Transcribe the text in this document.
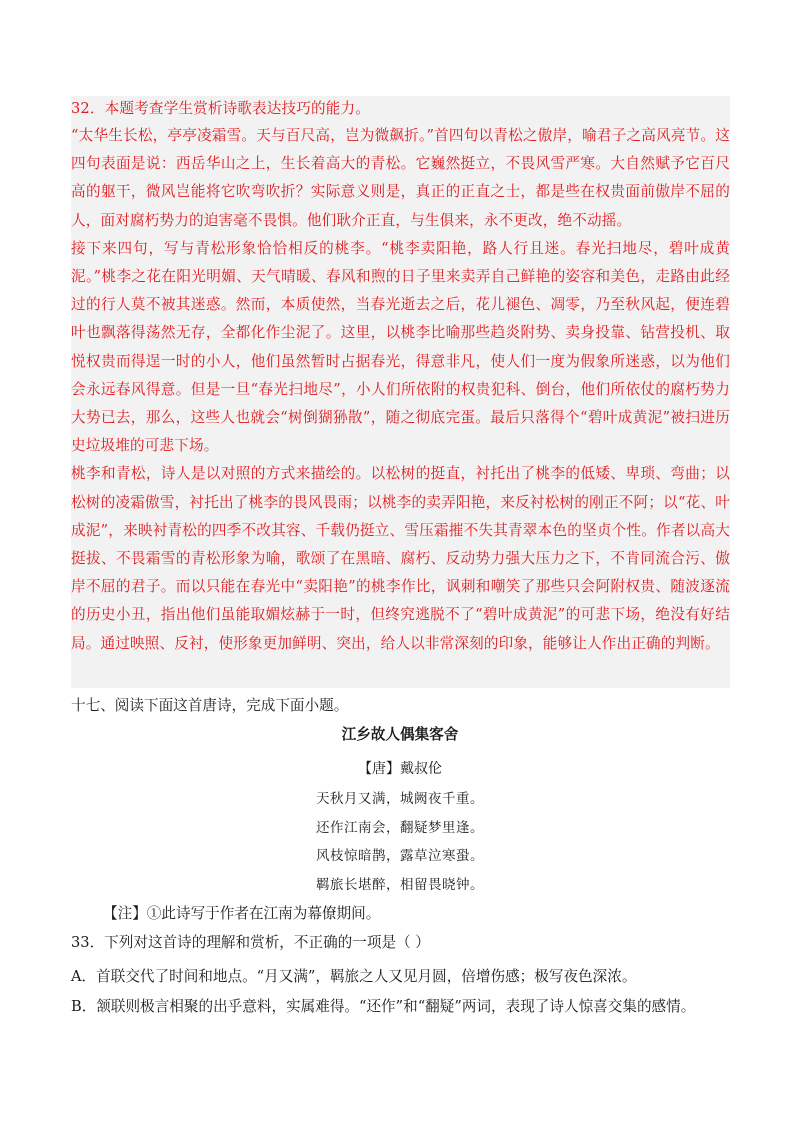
32．本题考查学生赏析诗歌表达技巧的能力。

“太华生长松，亭亭凌霜雪。天与百尺高，岂为微飙折。”首四句以青松之傲岸，喻君子之高风亮节。这四句表面是说：西岳华山之上，生长着高大的青松。它巍然挺立，不畏风雪严寒。大自然赋予它百尺高的躯干，微风岂能将它吹弯吹折？实际意义则是，真正的正直之士，都是些在权贵面前傲岸不屈的人，面对腐朽势力的迫害毫不畏惧。他们耿介正直，与生俱来，永不更改，绝不动摇。

接下来四句，写与青松形象恰恰相反的桃李。“桃李卖阳艳，路人行且迷。春光扫地尽，碧叶成黄泥。”桃李之花在阳光明媚、天气晴暖、春风和煦的日子里来卖弄自己鲜艳的姿容和美色，走路由此经过的行人莫不被其迷惑。然而，本质使然，当春光逝去之后，花儿褪色、凋零，乃至秋风起，便连碧叶也飘落得荡然无存，全都化作尘泥了。这里，以桃李比喻那些趋炎附势、卖身投靠、钻营投机、取悦权贵而得逞一时的小人，他们虽然暂时占据春光，得意非凡，使人们一度为假象所迷惑，以为他们会永远春风得意。但是一旦“春光扫地尽”，小人们所依附的权贵犯科、倒台，他们所依仗的腐朽势力大势已去，那么，这些人也就会“树倒猢狲散”，随之彻底完蛋。最后只落得个“碧叶成黄泥”被扫进历史垃圾堆的可悲下场。

桃李和青松，诗人是以对照的方式来描绘的。以松树的挺直，衬托出了桃李的低矮、卑琐、弯曲；以松树的凌霜傲雪，衬托出了桃李的畏风畏雨；以桃李的卖弄阳艳，来反衬松树的刚正不阿；以“花、叶成泥”，来映衬青松的四季不改其容、千载仍挺立、雪压霜摧不失其青翠本色的坚贞个性。作者以高大挺拔、不畏霜雪的青松形象为喻，歌颂了在黑暗、腐朽、反动势力强大压力之下，不肯同流合污、傲岸不屈的君子。而以只能在春光中“卖阳艳”的桃李作比，讽刺和嘲笑了那些只会阿附权贵、随波逐流的历史小丑，指出他们虽能取媚炫赫于一时，但终究逃脱不了“碧叶成黄泥”的可悲下场，绝没有好结局。通过映照、反衬，使形象更加鲜明、突出，给人以非常深刻的印象，能够让人作出正确的判断。

十七、阅读下面这首唐诗，完成下面小题。

江乡故人偶集客舍

【唐】戴叔伦

天秋月又满，城阙夜千重。
还作江南会，翻疑梦里逢。
风枝惊暗鹊，露草泣寒蛩。
羁旅长堪醉，相留畏晓钟。

【注】①此诗写于作者在江南为幕僚期间。

33．下列对这首诗的理解和赏析，不正确的一项是（ ）

A．首联交代了时间和地点。“月又满”，羁旅之人又见月圆，倍增伤感；极写夜色深浓。
B．颔联则极言相聚的出乎意料，实属难得。“还作”和“翻疑”两词，表现了诗人惊喜交集的感情。
